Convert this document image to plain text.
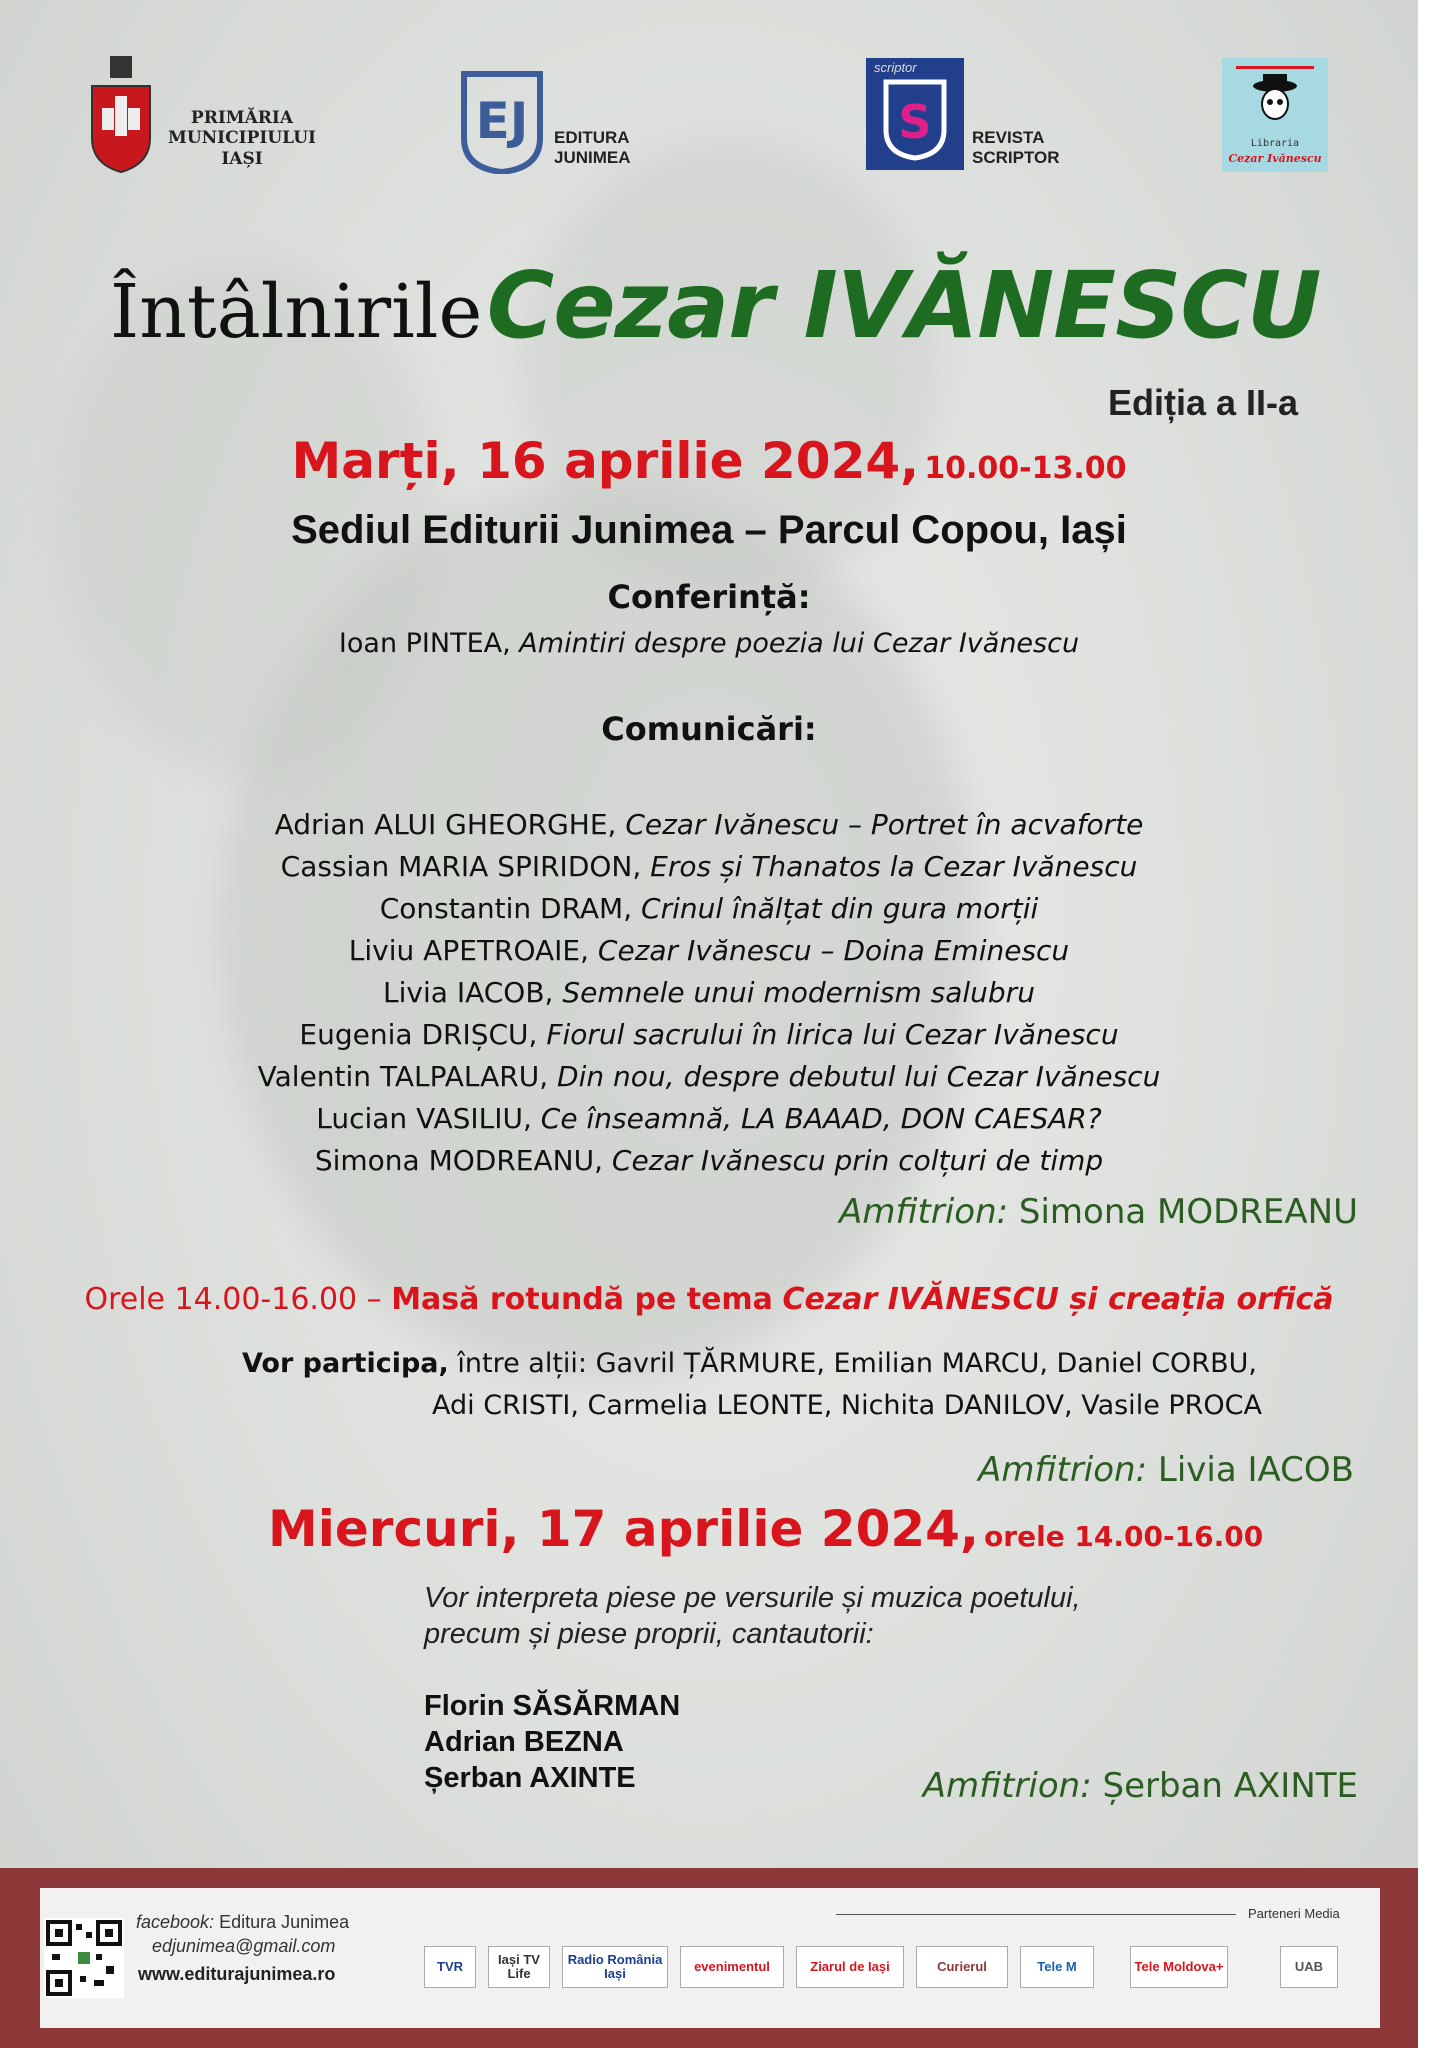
PRIMĂRIA
MUNICIPIULUI
IAȘI
EJ EDITURA
JUNIMEA
scriptor
S REVISTA
SCRIPTOR
Libraria
Cezar Ivănescu
Întâlnirile Cezar IVĂNESCU
Ediția a II-a
Marți, 16 aprilie 2024, 10.00-13.00
Sediul Editurii Junimea – Parcul Copou, Iași
Conferință:
Ioan PINTEA, Amintiri despre poezia lui Cezar Ivănescu
Comunicări:
Adrian ALUI GHEORGHE, Cezar Ivănescu – Portret în acvaforte
Cassian MARIA SPIRIDON, Eros și Thanatos la Cezar Ivănescu
Constantin DRAM, Crinul înălțat din gura morții
Liviu APETROAIE, Cezar Ivănescu – Doina Eminescu
Livia IACOB, Semnele unui modernism salubru
Eugenia DRIȘCU, Fiorul sacrului în lirica lui Cezar Ivănescu
Valentin TALPALARU, Din nou, despre debutul lui Cezar Ivănescu
Lucian VASILIU, Ce înseamnă, LA BAAAD, DON CAESAR?
Simona MODREANU, Cezar Ivănescu prin colțuri de timp
Amfitrion: Simona MODREANU
Orele 14.00-16.00 – Masă rotundă pe tema Cezar IVĂNESCU și creația orfică
Vor participa, între alții: Gavril ȚĂRMURE, Emilian MARCU, Daniel CORBU,
Adi CRISTI, Carmelia LEONTE, Nichita DANILOV, Vasile PROCA
Amfitrion: Livia IACOB
Miercuri, 17 aprilie 2024, orele 14.00-16.00
Vor interpreta piese pe versurile și muzica poetului,
precum și piese proprii, cantautorii:
Florin SĂSĂRMAN
Adrian BEZNA
Șerban AXINTE	Amfitrion: Șerban AXINTE
facebook: Editura Junimea
edjunimea@gmail.com
www.editurajunimea.ro
Parteneri Media
TVR	Iași TV Life
Radio România Iași	evenimentul	Ziarul de Iași	Curierul	Tele M	Tele Moldova+	UAB
